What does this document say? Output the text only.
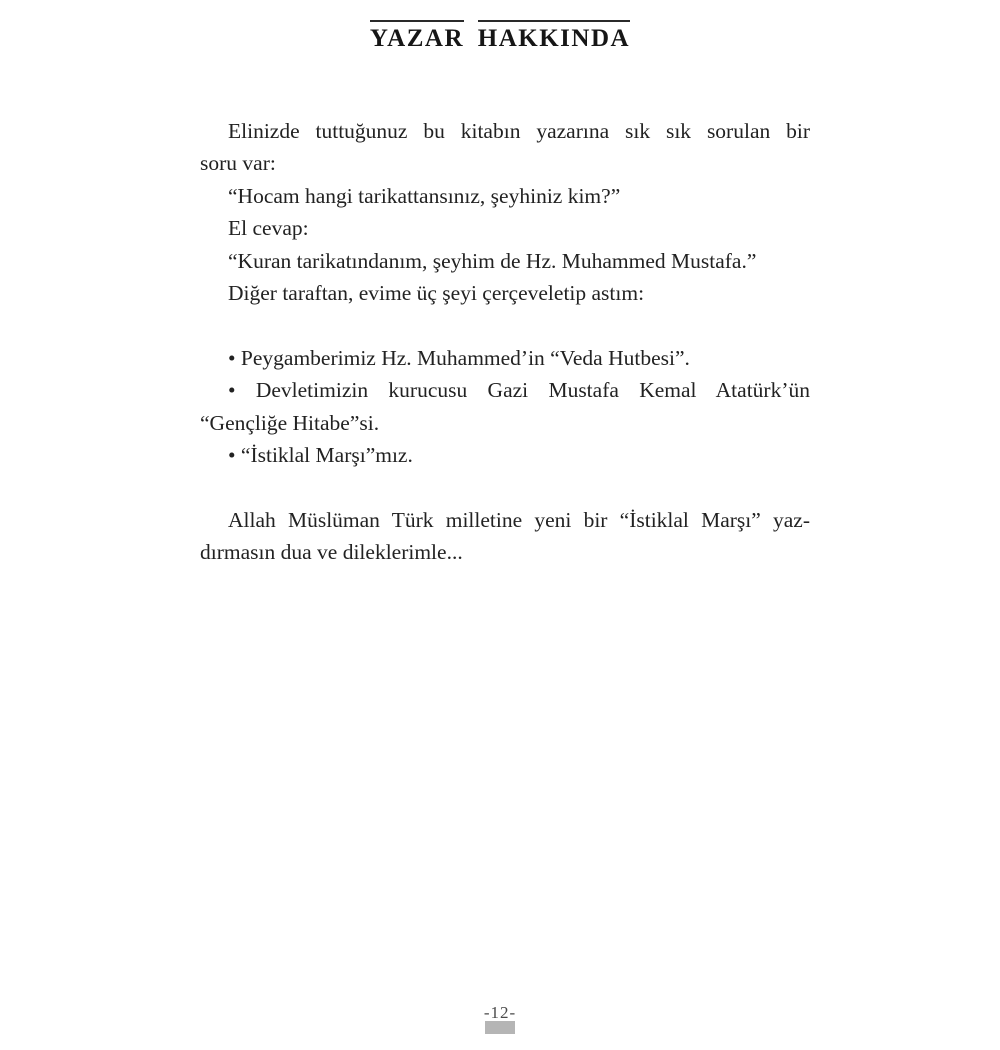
YAZAR HAKKINDA
Elinizde tuttuğunuz bu kitabın yazarına sık sık sorulan bir
soru var:
“Hocam hangi tarikattansınız, şeyhiniz kim?”
El cevap:
“Kuran tarikatındanım, şeyhim de Hz. Muhammed Mustafa.”
Diğer taraftan, evime üç şeyi çerçeveletip astım:
• Peygamberimiz Hz. Muhammed’in “Veda Hutbesi”.
• Devletimizin kurucusu Gazi Mustafa Kemal Atatürk’ün
“Gençliğe Hitabe”si.
• “İstiklal Marşı”mız.
Allah Müslüman Türk milletine yeni bir “İstiklal Marşı” yaz-
dırmasın dua ve dileklerimle...
-12-
